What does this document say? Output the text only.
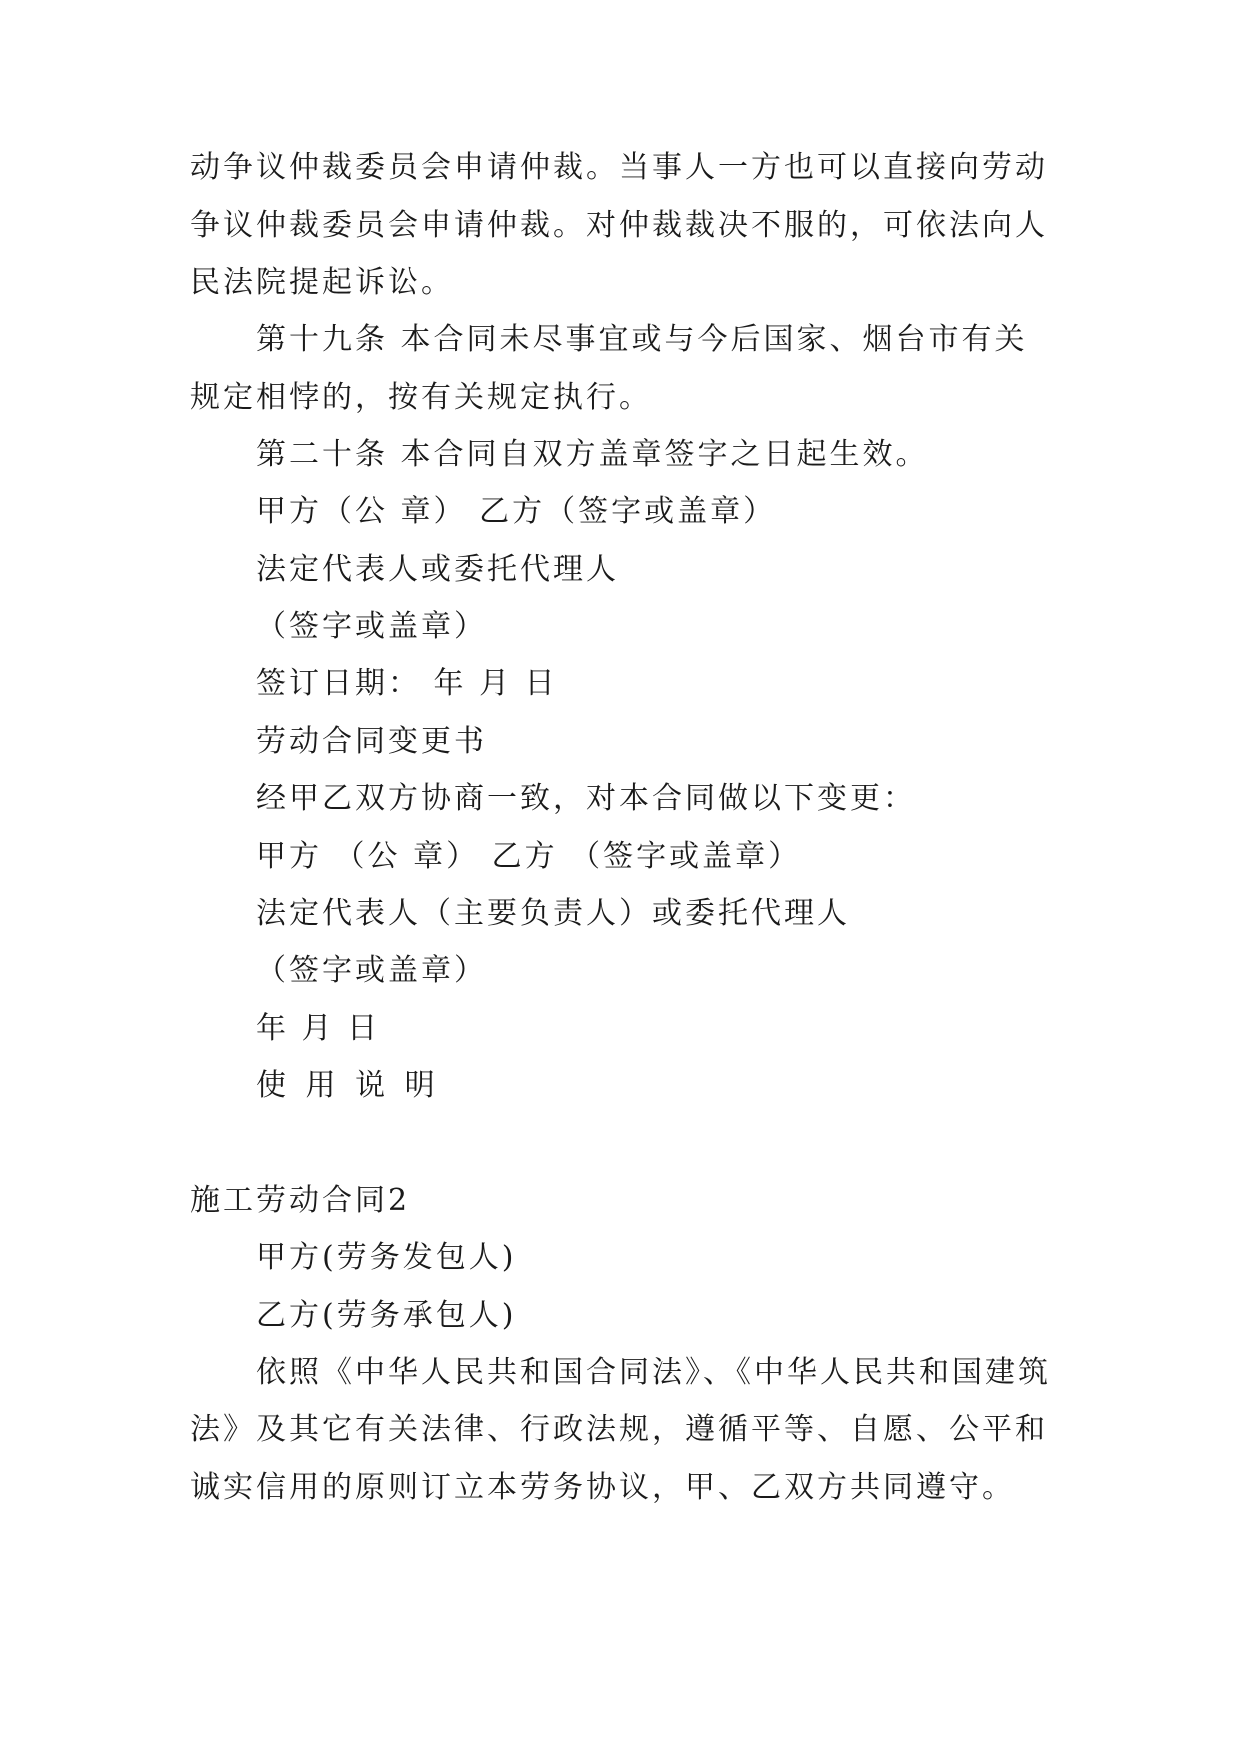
动争议仲裁委员会申请仲裁。当事人一方也可以直接向劳动
争议仲裁委员会申请仲裁。对仲裁裁决不服的，可依法向人
民法院提起诉讼。
第十九条 本合同未尽事宜或与今后国家、烟台市有关
规定相悖的，按有关规定执行。
第二十条 本合同自双方盖章签字之日起生效。
甲方（公 章） 乙方（签字或盖章）
法定代表人或委托代理人
（签字或盖章）
签订日期： 年 月 日
劳动合同变更书
经甲乙双方协商一致，对本合同做以下变更：
甲方 （公 章） 乙方 （签字或盖章）
法定代表人（主要负责人）或委托代理人
（签字或盖章）
年 月 日
使 用 说 明
施工劳动合同2
甲方(劳务发包人)
乙方(劳务承包人)
依照《中华人民共和国合同法》、《中华人民共和国建筑
法》及其它有关法律、行政法规，遵循平等、自愿、公平和
诚实信用的原则订立本劳务协议，甲、乙双方共同遵守。
